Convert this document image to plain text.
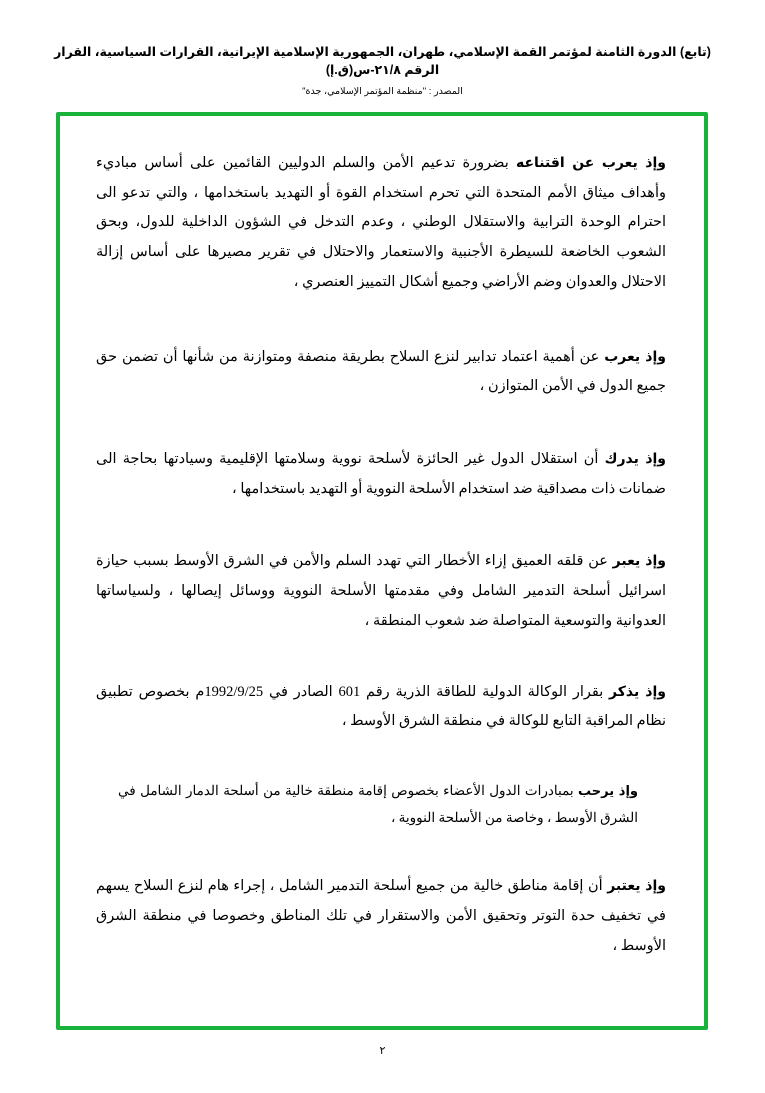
(تابع) الدورة الثامنة لمؤتمر القمة الإسلامي، طهران، الجمهورية الإسلامية الإيرانية، القرارات السياسية، القرار الرقم ٢١/٨-س(ق.إ)
المصدر : "منظمة المؤتمر الإسلامي، جدة"

وإذ يعرب عن اقتناعه بضرورة تدعيم الأمن والسلم الدوليين القائمين على أساس مباديء وأهداف ميثاق الأمم المتحدة التي تحرم استخدام القوة أو التهديد باستخدامها ، والتي تدعو الى احترام الوحدة الترابية والاستقلال الوطني ، وعدم التدخل في الشؤون الداخلية للدول، وبحق الشعوب الخاضعة للسيطرة الأجنبية والاستعمار والاحتلال في تقرير مصيرها على أساس إزالة الاحتلال والعدوان وضم الأراضي وجميع أشكال التمييز العنصري ،

وإذ يعرب عن أهمية اعتماد تدابير لنزع السلاح بطريقة منصفة ومتوازنة من شأنها أن تضمن حق جميع الدول في الأمن المتوازن ،

وإذ يدرك أن استقلال الدول غير الحائزة لأسلحة نووية وسلامتها الإقليمية وسيادتها بحاجة الى ضمانات ذات مصداقية ضد استخدام الأسلحة النووية أو التهديد باستخدامها ،

وإذ يعبر عن قلقه العميق إزاء الأخطار التي تهدد السلم والأمن في الشرق الأوسط بسبب حيازة اسرائيل أسلحة التدمير الشامل وفي مقدمتها الأسلحة النووية ووسائل إيصالها ، ولسياساتها العدوانية والتوسعية المتواصلة ضد شعوب المنطقة ،

وإذ يذكر بقرار الوكالة الدولية للطاقة الذرية رقم 601 الصادر في 1992/9/25م بخصوص تطبيق نظام المراقبة التابع للوكالة في منطقة الشرق الأوسط ،

وإذ يرحب بمبادرات الدول الأعضاء بخصوص إقامة منطقة خالية من أسلحة الدمار الشامل في الشرق الأوسط ، وخاصة من الأسلحة النووية ،

وإذ يعتبر أن إقامة مناطق خالية من جميع أسلحة التدمير الشامل ، إجراء هام لنزع السلاح يسهم في تخفيف حدة التوتر وتحقيق الأمن والاستقرار في تلك المناطق وخصوصا في منطقة الشرق الأوسط ،

٢
